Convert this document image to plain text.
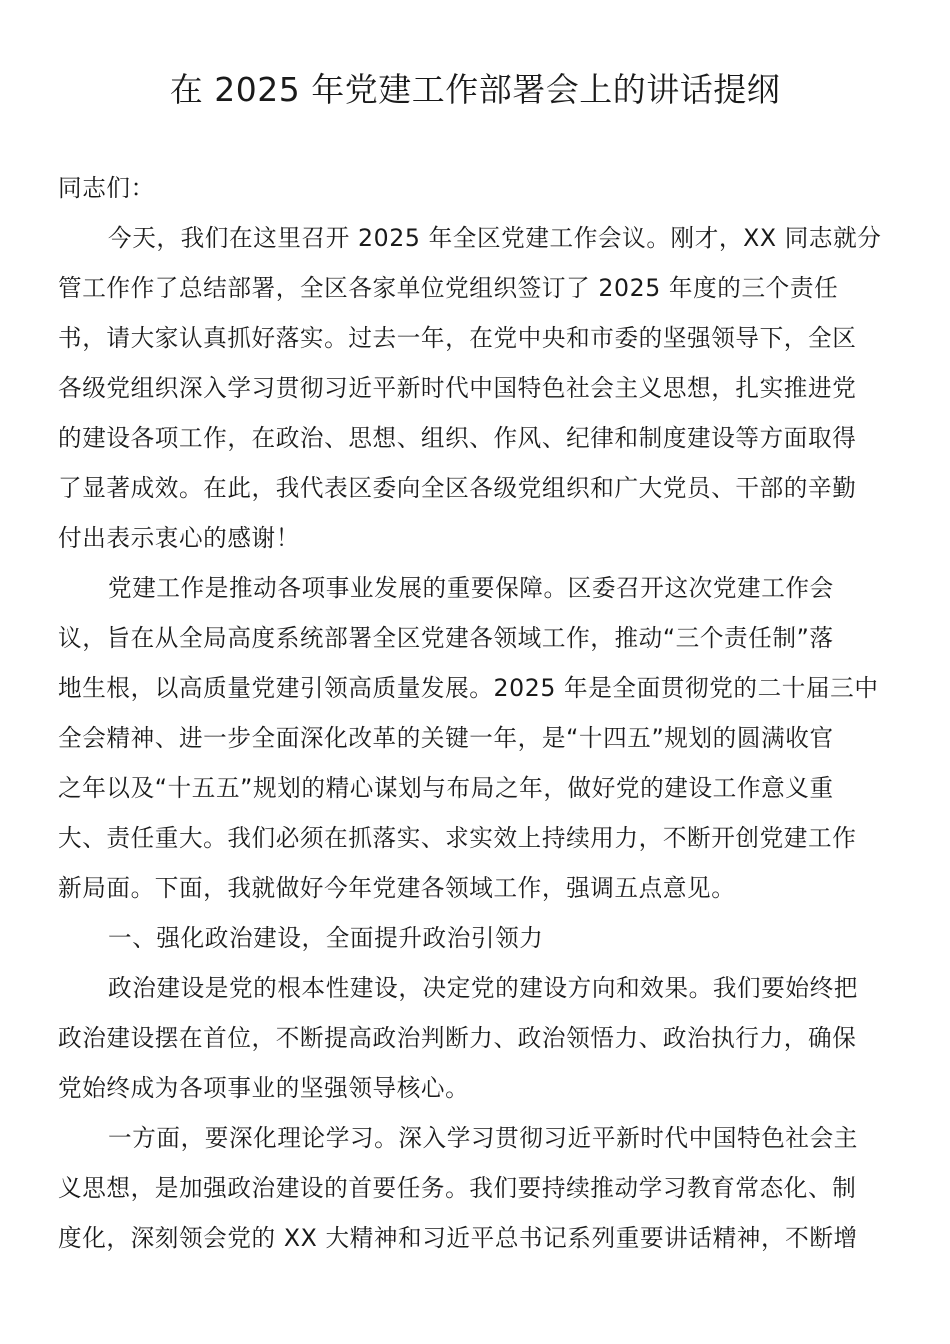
在 2025 年党建工作部署会上的讲话提纲

同志们：

今天，我们在这里召开 2025 年全区党建工作会议。刚才，XX 同志就分

管工作作了总结部署，全区各家单位党组织签订了 2025 年度的三个责任

书，请大家认真抓好落实。过去一年，在党中央和市委的坚强领导下，全区

各级党组织深入学习贯彻习近平新时代中国特色社会主义思想，扎实推进党

的建设各项工作，在政治、思想、组织、作风、纪律和制度建设等方面取得

了显著成效。在此，我代表区委向全区各级党组织和广大党员、干部的辛勤

付出表示衷心的感谢！

党建工作是推动各项事业发展的重要保障。区委召开这次党建工作会

议，旨在从全局高度系统部署全区党建各领域工作，推动“三个责任制”落

地生根，以高质量党建引领高质量发展。2025 年是全面贯彻党的二十届三中

全会精神、进一步全面深化改革的关键一年，是“十四五”规划的圆满收官

之年以及“十五五”规划的精心谋划与布局之年，做好党的建设工作意义重

大、责任重大。我们必须在抓落实、求实效上持续用力，不断开创党建工作

新局面。下面，我就做好今年党建各领域工作，强调五点意见。

一、强化政治建设，全面提升政治引领力

政治建设是党的根本性建设，决定党的建设方向和效果。我们要始终把

政治建设摆在首位，不断提高政治判断力、政治领悟力、政治执行力，确保

党始终成为各项事业的坚强领导核心。

一方面，要深化理论学习。深入学习贯彻习近平新时代中国特色社会主

义思想，是加强政治建设的首要任务。我们要持续推动学习教育常态化、制

度化，深刻领会党的 XX 大精神和习近平总书记系列重要讲话精神，不断增
